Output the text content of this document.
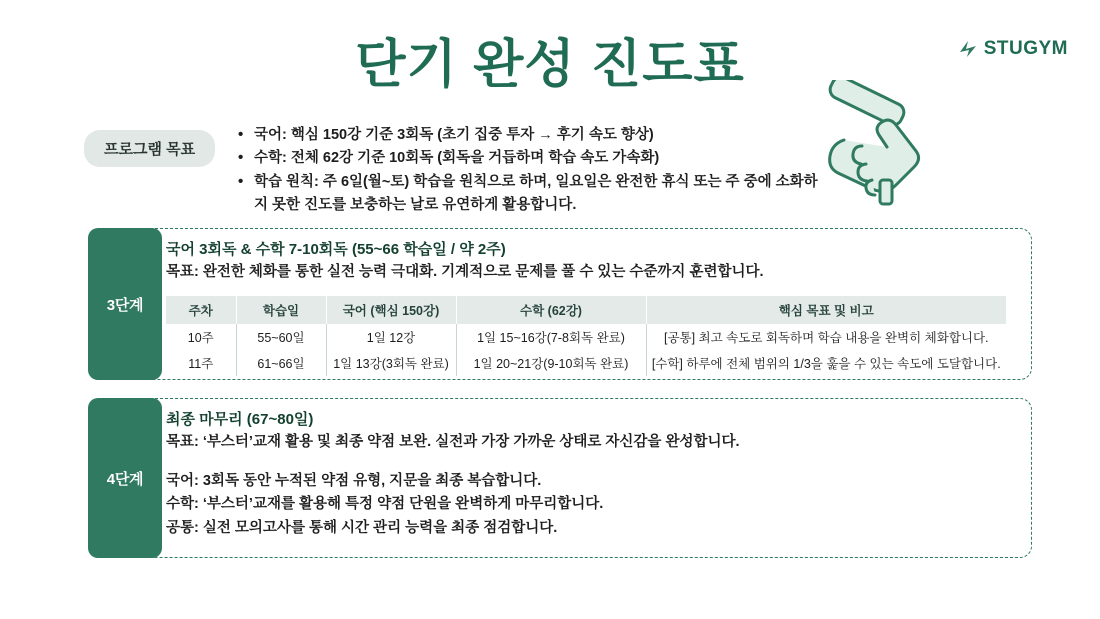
단기 완성 진도표	STUGYM
프로그램 목표
• 국어: 핵심 150강 기준 3회독 (초기 집중 투자 → 후기 속도 향상)
• 수학: 전체 62강 기준 10회독 (회독을 거듭하며 학습 속도 가속화)
• 학습 원칙: 주 6일(월~토) 학습을 원칙으로 하며, 일요일은 완전한 휴식 또는 주 중에 소화하지 못한 진도를 보충하는 날로 유연하게 활용합니다.
3단계
국어 3회독 & 수학 7-10회독 (55~66 학습일 / 약 2주)
목표: 완전한 체화를 통한 실전 능력 극대화. 기계적으로 문제를 풀 수 있는 수준까지 훈련합니다.
주차	학습일	국어 (핵심 150강)	수학 (62강)	핵심 목표 및 비고
10주	55~60일	1일 12강	1일 15~16강(7-8회독 완료)	[공통] 최고 속도로 회독하며 학습 내용을 완벽히 체화합니다.
11주	61~66일	1일 13강(3회독 완료)	1일 20~21강(9-10회독 완료)	[수학] 하루에 전체 범위의 1/3을 훑을 수 있는 속도에 도달합니다.
4단계
최종 마무리 (67~80일)
목표: ‘부스터’교재 활용 및 최종 약점 보완. 실전과 가장 가까운 상태로 자신감을 완성합니다.
국어: 3회독 동안 누적된 약점 유형, 지문을 최종 복습합니다.
수학: ‘부스터’교재를 활용해 특정 약점 단원을 완벽하게 마무리합니다.
공통: 실전 모의고사를 통해 시간 관리 능력을 최종 점검합니다.
